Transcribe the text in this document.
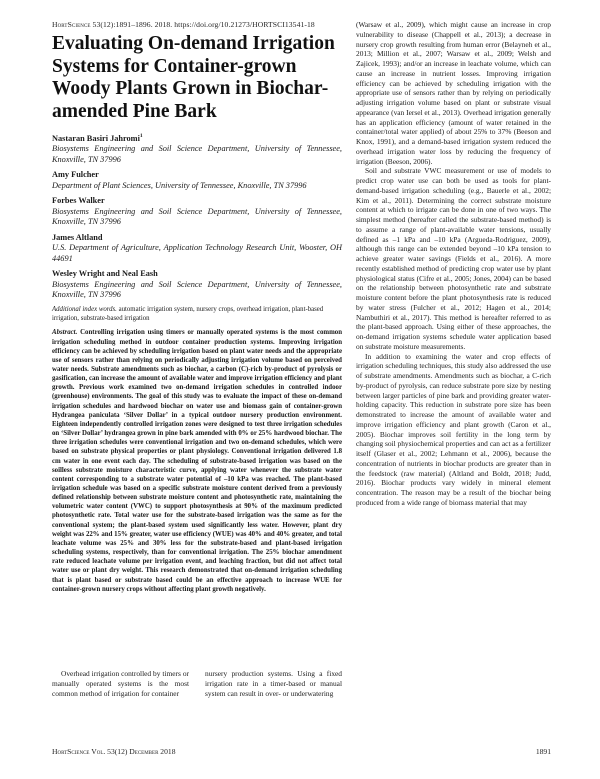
HortScience 53(12):1891–1896. 2018. https://doi.org/10.21273/HORTSCI13541-18
Evaluating On-demand Irrigation Systems for Container-grown Woody Plants Grown in Biochar-amended Pine Bark
Nastaran Basiri Jahromi$^1$
Biosystems Engineering and Soil Science Department, University of Tennessee, Knoxville, TN 37996
Amy Fulcher
Department of Plant Sciences, University of Tennessee, Knoxville, TN 37996
Forbes Walker
Biosystems Engineering and Soil Science Department, University of Tennessee, Knoxville, TN 37996
James Altland
U.S. Department of Agriculture, Application Technology Research Unit, Wooster, OH 44691
Wesley Wright and Neal Eash
Biosystems Engineering and Soil Science Department, University of Tennessee, Knoxville, TN 37996
Additional index words. automatic irrigation system, nursery crops, overhead irrigation, plant-based irrigation, substrate-based irrigation
Abstract. Controlling irrigation using timers or manually operated systems is the most common irrigation scheduling method in outdoor container production systems. Improving irrigation efficiency can be achieved by scheduling irrigation based on plant water needs and the appropriate use of sensors rather than relying on periodically adjusting irrigation volume based on perceived water needs. Substrate amendments such as biochar, a carbon (C)-rich by-product of pyrolysis or gasification, can increase the amount of available water and improve irrigation efficiency and plant growth. Previous work examined two on-demand irrigation schedules in controlled indoor (greenhouse) environments. The goal of this study was to evaluate the impact of these on-demand irrigation schedules and hardwood biochar on water use and biomass gain of container-grown Hydrangea paniculata ‘Silver Dollar’ in a typical outdoor nursery production environment. Eighteen independently controlled irrigation zones were designed to test three irrigation schedules on ‘Silver Dollar’ hydrangea grown in pine bark amended with 0% or 25% hardwood biochar. The three irrigation schedules were conventional irrigation and two on-demand schedules, which were based on substrate physical properties or plant physiology. Conventional irrigation delivered 1.8 cm water in one event each day. The scheduling of substrate-based irrigation was based on the soilless substrate moisture characteristic curve, applying water whenever the substrate water content corresponding to a substrate water potential of –10 kPa was reached. The plant-based irrigation schedule was based on a specific substrate moisture content derived from a previously defined relationship between substrate moisture content and photosynthetic rate, maintaining the volumetric water content (VWC) to support photosynthesis at 90% of the maximum predicted photosynthetic rate. Total water use for the substrate-based irrigation was the same as for the conventional system; the plant-based system used significantly less water. However, plant dry weight was 22% and 15% greater, water use efficiency (WUE) was 40% and 40% greater, and total leachate volume was 25% and 30% less for the substrate-based and plant-based irrigation scheduling systems, respectively, than for conventional irrigation. The 25% biochar amendment rate reduced leachate volume per irrigation event, and leaching fraction, but did not affect total water use or plant dry weight. This research demonstrated that on-demand irrigation scheduling that is plant based or substrate based could be an effective approach to increase WUE for container-grown nursery crops without affecting plant growth negatively.
Overhead irrigation controlled by timers or manually operated systems is the most common method of irrigation for container
nursery production systems. Using a fixed irrigation rate in a timer-based or manual system can result in over- or underwatering

(Warsaw et al., 2009), which might cause an increase in crop vulnerability to disease (Chappell et al., 2013); a decrease in nursery crop growth resulting from human error (Belayneh et al., 2013; Million et al., 2007; Warsaw et al., 2009; Welsh and Zajicek, 1993); and/or an increase in leachate volume, which can cause an increase in nutrient losses. Improving irrigation efficiency can be achieved by scheduling irrigation with the appropriate use of sensors rather than by relying on periodically adjusting irrigation volume based on plant or substrate visual appearance (van Iersel et al., 2013). Overhead irrigation generally has an application efficiency (amount of water retained in the container/total water applied) of about 25% to 37% (Beeson and Knox, 1991), and a demand-based irrigation system reduced the overhead irrigation water loss by reducing the frequency of irrigation (Beeson, 2006).

Soil and substrate VWC measurement or use of models to predict crop water use can both be used as tools for plant-demand-based irrigation scheduling (e.g., Bauerle et al., 2002; Kim et al., 2011). Determining the correct substrate moisture content at which to irrigate can be done in one of two ways. The simplest method (hereafter called the substrate-based method) is to assume a range of plant-available water tensions, usually defined as –1 kPa and –10 kPa (Argueda-Rodriguez, 2009), although this range can be extended beyond –10 kPa tension to achieve greater water savings (Fields et al., 2016). A more recently established method of predicting crop water use by plant physiological status (Cifre et al., 2005; Jones, 2004) can be based on the relationship between photosynthetic rate and substrate moisture content before the plant photosynthesis rate is reduced by water stress (Fulcher et al., 2012; Hagen et al., 2014; Nambuthiri et al., 2017). This method is hereafter referred to as the plant-based approach. Using either of these approaches, the on-demand irrigation systems schedule water application based on substrate moisture measurements.

In addition to examining the water and crop effects of irrigation scheduling techniques, this study also addressed the use of substrate amendments. Amendments such as biochar, a C-rich by-product of pyrolysis, can reduce substrate pore size by nesting between larger particles of pine bark and providing greater water-holding capacity. This reduction in substrate pore size has been demonstrated to increase the amount of available water and improve irrigation efficiency and plant growth (Caron et al., 2005). Biochar improves soil fertility in the long term by changing soil physiochemical properties and can act as a fertilizer itself (Glaser et al., 2002; Lehmann et al., 2006), because the concentration of nutrients in biochar products are greater than in the feedstock (raw material) (Altland and Boldt, 2018; Judd, 2016). Biochar products vary widely in mineral element concentration. The reason may be a result of the biochar being produced from a wide range of biomass material that may

HortScience Vol. 53(12) December 2018	1891
